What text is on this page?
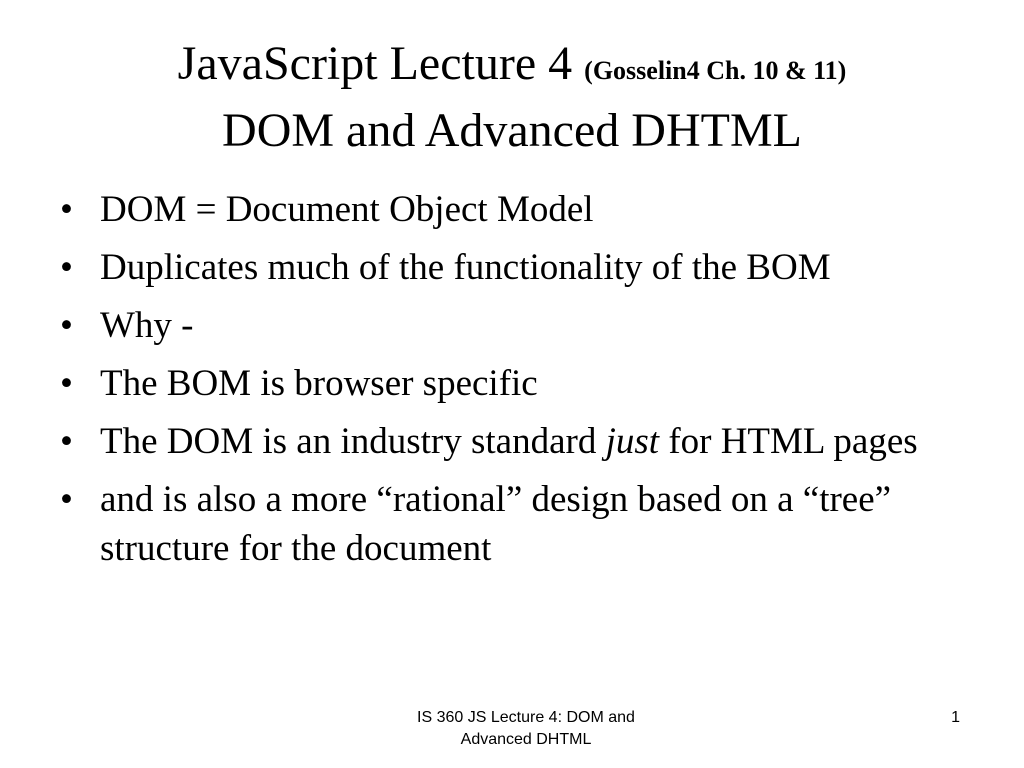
JavaScript Lecture 4 (Gosselin4 Ch. 10 & 11)
DOM and Advanced DHTML
• DOM = Document Object Model
• Duplicates much of the functionality of the BOM
• Why -
• The BOM is browser specific
• The DOM is an industry standard just for HTML pages
• and is also a more “rational” design based on a “tree” structure for the document
IS 360 JS Lecture 4: DOM and
Advanced DHTML
1
